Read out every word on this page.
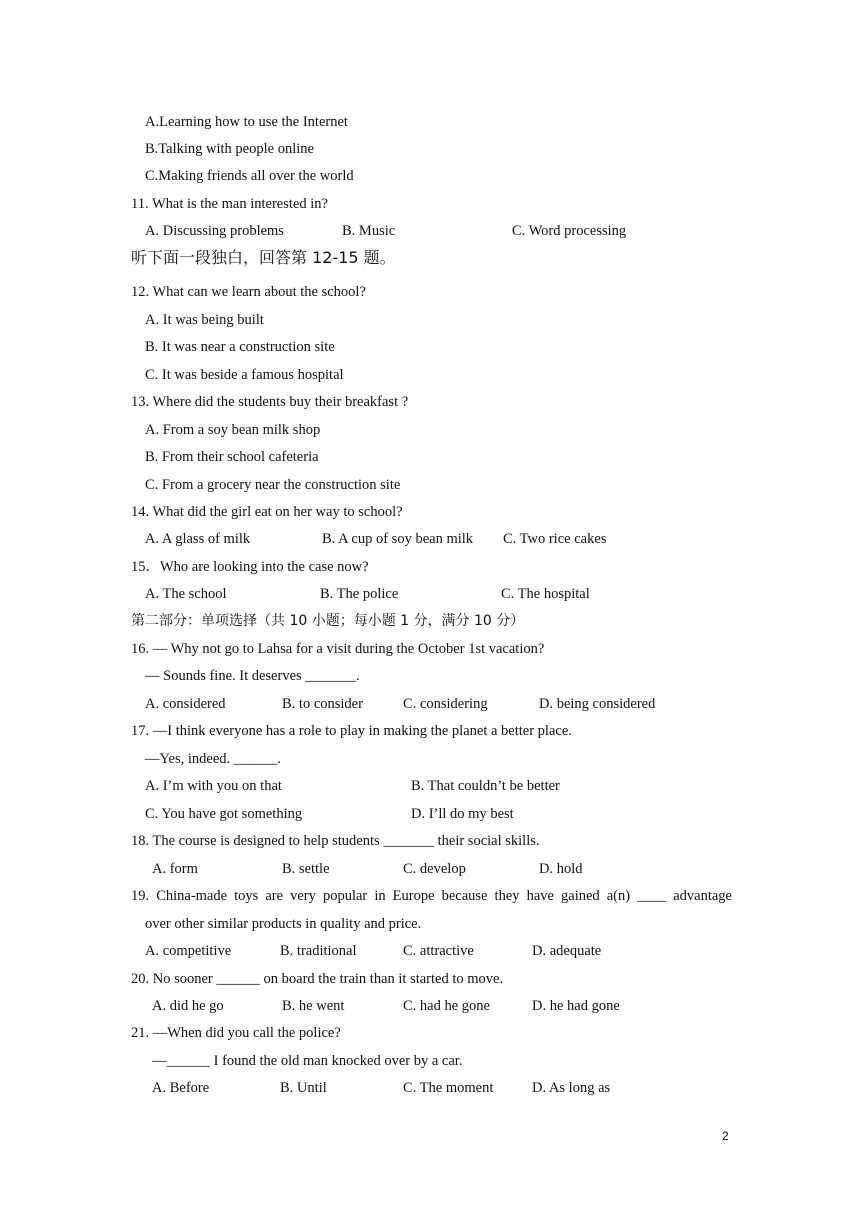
A.Learning how to use the Internet
B.Talking with people online
C.Making friends all over the world
11. What is the man interested in?
A. Discussing problems	B. Music	C. Word processing
听下面一段独白，回答第 12-15 题。
12. What can we learn about the school?
A. It was being built
B. It was near a construction site
C. It was beside a famous hospital
13. Where did the students buy their breakfast ?
A. From a soy bean milk shop
B. From their school cafeteria
C. From a grocery near the construction site
14. What did the girl eat on her way to school?
A. A glass of milk	B. A cup of soy bean milk C. Two rice cakes
15．Who are looking into the case now?
A. The school	B. The police	C. The hospital
第二部分：单项选择（共 10 小题；每小题 1 分，满分 10 分）
16. — Why not go to Lahsa for a visit during the October 1st vacation?
— Sounds fine. It deserves _______.
A. considered	B. to consider	C. considering	D. being considered
17. —I think everyone has a role to play in making the planet a better place.
—Yes, indeed. ______.
A. I’m with you on that	B. That couldn’t be better
C. You have got something	D. I’ll do my best
18. The course is designed to help students _______ their social skills.
A. form	B. settle	C. develop	D. hold
19. China-made toys are very popular in Europe because they have gained a(n) ____ advantage
over other similar products in quality and price.
A. competitive	B. traditional	C. attractive	D. adequate
20. No sooner ______ on board the train than it started to move.
A. did he go	B. he went	C. had he gone	D. he had gone
21. —When did you call the police?
—______ I found the old man knocked over by a car.
A. Before	B. Until	C. The moment	D. As long as
2
